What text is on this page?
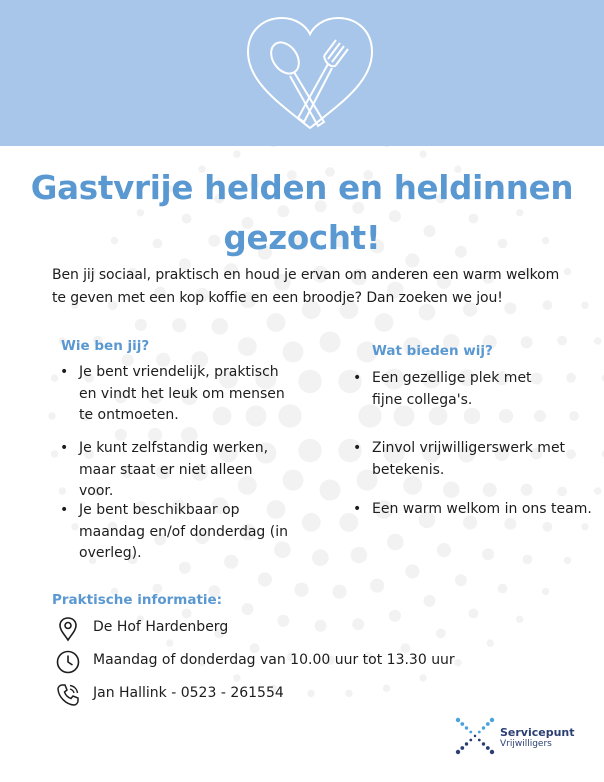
Gastvrije helden en heldinnen
gezocht!
Ben jij sociaal, praktisch en houd je ervan om anderen een warm welkom te geven met een kop koffie en een broodje? Dan zoeken we jou!
Wie ben jij?
• Je bent vriendelijk, praktisch en vindt het leuk om mensen te ontmoeten.
• Je kunt zelfstandig werken, maar staat er niet alleen voor.
• Je bent beschikbaar op maandag en/of donderdag (in overleg).
Wat bieden wij?
• Een gezellige plek met fijne collega's.
• Zinvol vrijwilligerswerk met betekenis.
• Een warm welkom in ons team.
Praktische informatie:
De Hof Hardenberg
Maandag of donderdag van 10.00 uur tot 13.30 uur
Jan Hallink - 0523 - 261554
Servicepunt
Vrijwilligers
